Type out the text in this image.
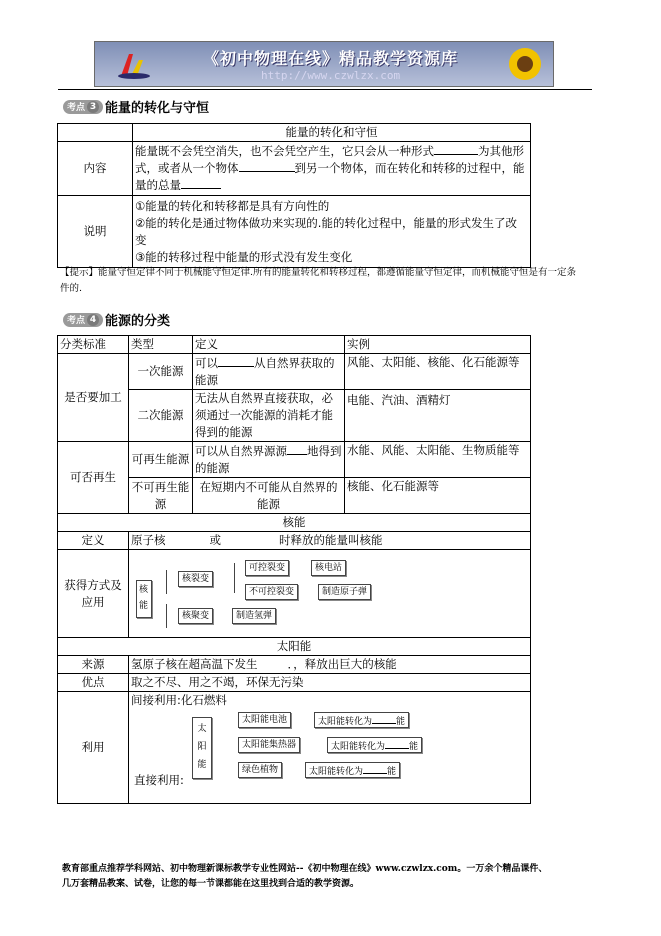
《初中物理在线》精品教学资源库
http://www.czwlzx.com
考点 3 能量的转化与守恒
	能量的转化和守恒
内容	能量既不会凭空消失，也不会凭空产生，它只会从一种形式 为其他形
式，或者从一个物体 到另一个物体，而在转化和转移的过程中，能
量的总量
说明	①能量的转化和转移都是具有方向性的
②能的转化是通过物体做功来实现的.能的转化过程中，能量的形式发生了改变
③能的转移过程中能量的形式没有发生变化
【提示】能量守恒定律不同于机械能守恒定律.所有的能量转化和转移过程，都遵循能量守恒定律，而机械能守恒是有一定条件的.
考点 4 能源的分类
分类标准	类型	定义	实例
是否要加工	一次能源	可以 从自然界获取的能源	风能、太阳能、核能、化石能源等
	二次能源	无法从自然界直接获取，必须通过一次能源的消耗才能得到的能源	电能、汽油、酒精灯
可否再生	可再生能源	可以从自然界源源 地得到的能源	水能、风能、太阳能、生物质能等
	不可再生能源	在短期内不可能从自然界的能源	核能、化石能源等
核能			
定义	原子核 或 时释放的能量叫核能		
获得方式及应用			
太阳能			
来源	氢原子核在超高温下发生 ．，释放出巨大的核能		
优点	取之不尽、用之不竭，环保无污染		
利用	间接利用:化石燃料		
核能
核裂变
核聚变
可控裂变
不可控裂变
核电站
制造原子弹
制造氢弹
太阳能
太阳能电池	太阳能转化为	能
太阳能集热器	太阳能转化为	能
绿色植物	太阳能转化为	能
直接利用:
教育部重点推荐学科网站、初中物理新课标教学专业性网站--《初中物理在线》www.czwlzx.com。一万余个精品课件、
几万套精品教案、试卷，让您的每一节课都能在这里找到合适的教学资源。
